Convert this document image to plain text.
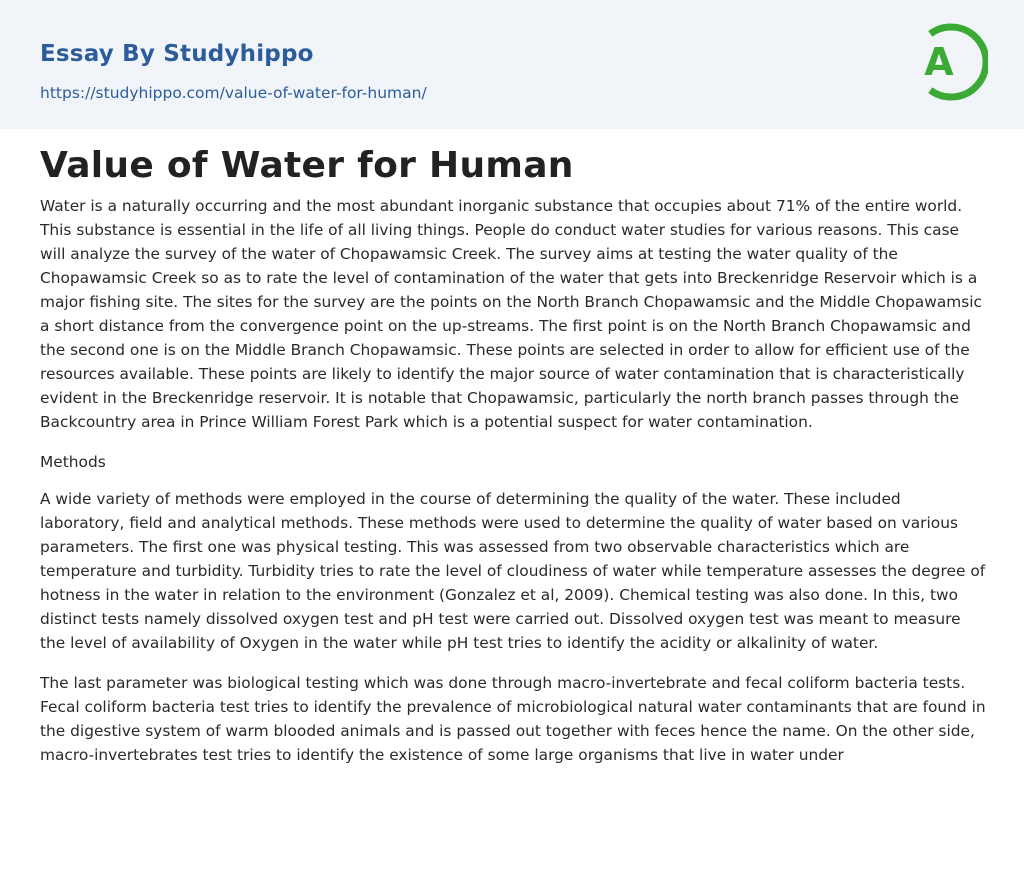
Essay By Studyhippo
https://studyhippo.com/value-of-water-for-human/
A
Value of Water for Human

Water is a naturally occurring and the most abundant inorganic substance that occupies about 71% of the entire world. This substance is essential in the life of all living things. People do conduct water studies for various reasons. This case will analyze the survey of the water of Chopawamsic Creek. The survey aims at testing the water quality of the Chopawamsic Creek so as to rate the level of contamination of the water that gets into Breckenridge Reservoir which is a major fishing site. The sites for the survey are the points on the North Branch Chopawamsic and the Middle Chopawamsic a short distance from the convergence point on the up-streams. The first point is on the North Branch Chopawamsic and the second one is on the Middle Branch Chopawamsic. These points are selected in order to allow for efficient use of the resources available. These points are likely to identify the major source of water contamination that is characteristically evident in the Breckenridge reservoir. It is notable that Chopawamsic, particularly the north branch passes through the Backcountry area in Prince William Forest Park which is a potential suspect for water contamination.

Methods

A wide variety of methods were employed in the course of determining the quality of the water. These included laboratory, field and analytical methods. These methods were used to determine the quality of water based on various parameters. The first one was physical testing. This was assessed from two observable characteristics which are temperature and turbidity. Turbidity tries to rate the level of cloudiness of water while temperature assesses the degree of hotness in the water in relation to the environment (Gonzalez et al, 2009). Chemical testing was also done. In this, two distinct tests namely dissolved oxygen test and pH test were carried out. Dissolved oxygen test was meant to measure the level of availability of Oxygen in the water while pH test tries to identify the acidity or alkalinity of water.

The last parameter was biological testing which was done through macro-invertebrate and fecal coliform bacteria tests. Fecal coliform bacteria test tries to identify the prevalence of microbiological natural water contaminants that are found in the digestive system of warm blooded animals and is passed out together with feces hence the name. On the other side, macro-invertebrates test tries to identify the existence of some large organisms that live in water under
